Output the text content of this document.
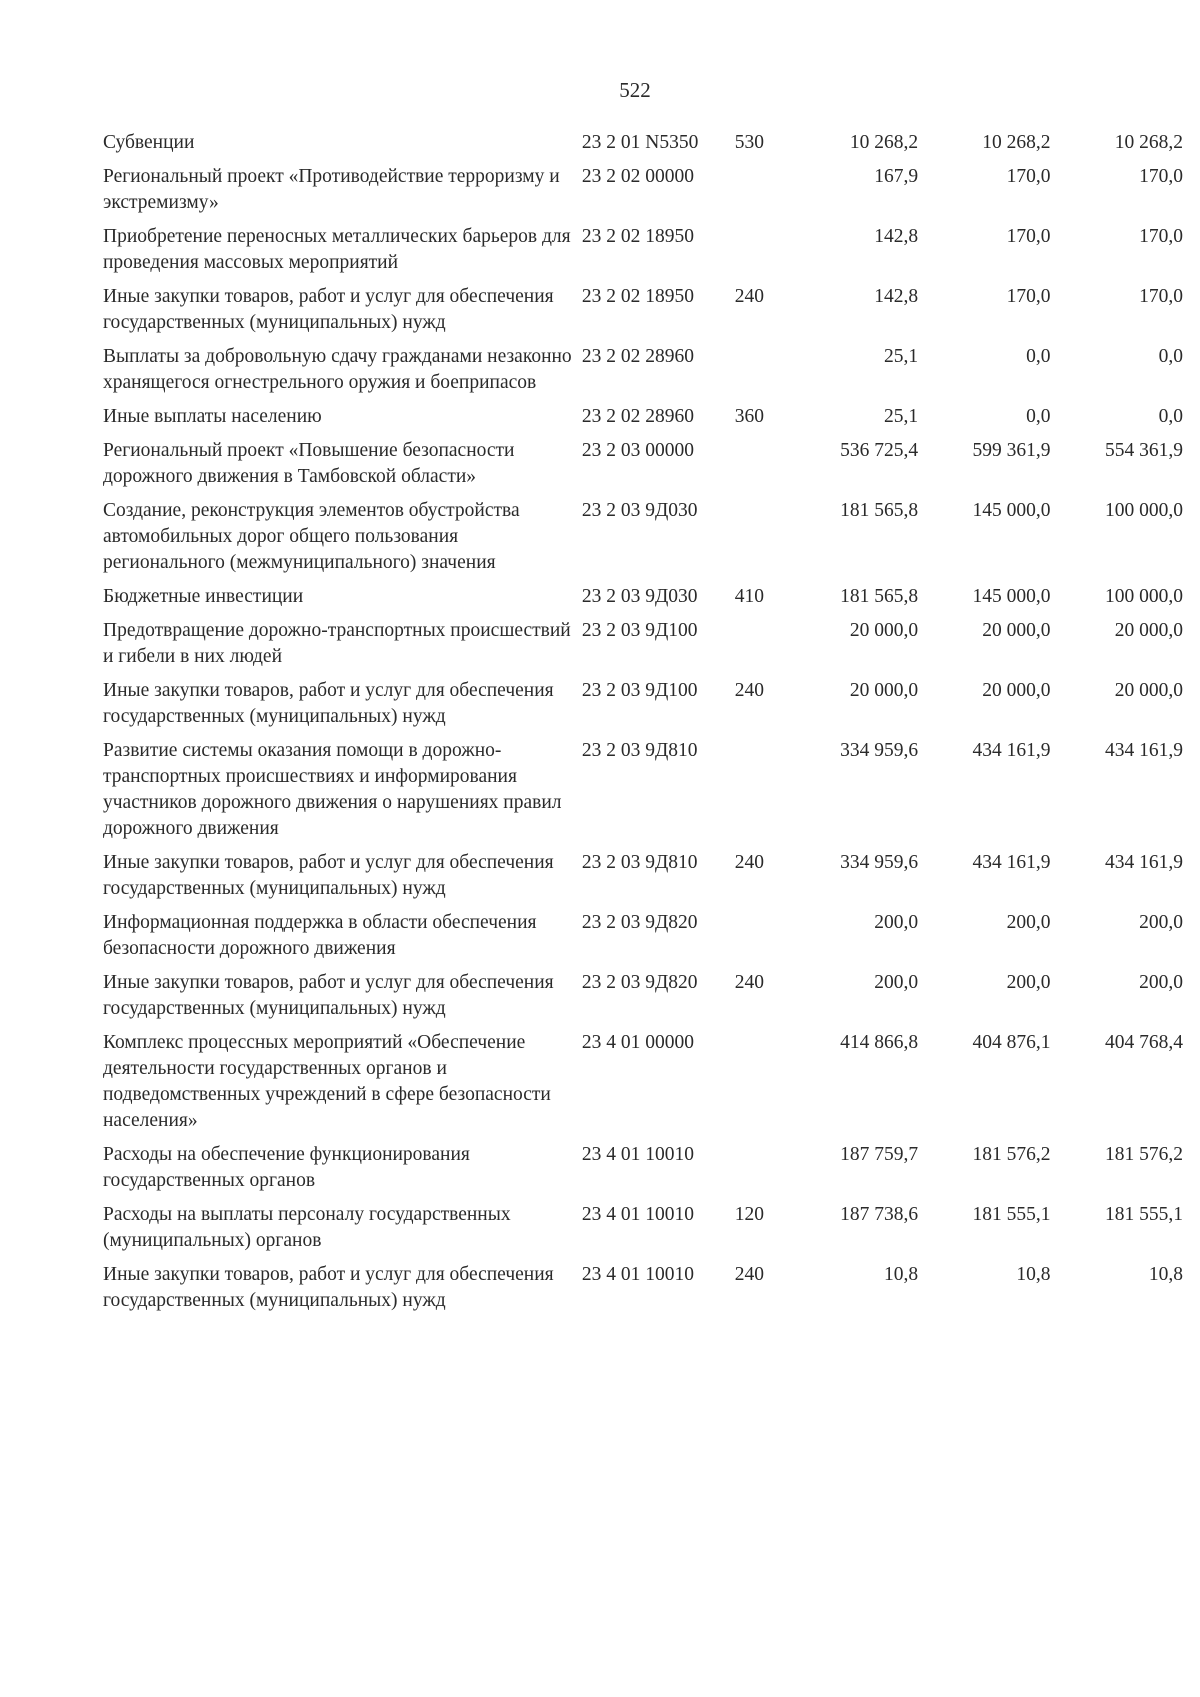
522
Субвенции	23 2 01 N5350	530	10 268,2	10 268,2	10 268,2
Региональный проект «Противодействие терроризму и экстремизму»	23 2 02 00000		167,9	170,0	170,0
Приобретение переносных металлических барьеров для проведения массовых мероприятий	23 2 02 18950		142,8	170,0	170,0
Иные закупки товаров, работ и услуг для обеспечения государственных (муниципальных) нужд	23 2 02 18950	240	142,8	170,0	170,0
Выплаты за добровольную сдачу гражданами незаконно хранящегося огнестрельного оружия и боеприпасов	23 2 02 28960		25,1	0,0	0,0
Иные выплаты населению	23 2 02 28960	360	25,1	0,0	0,0
Региональный проект «Повышение безопасности дорожного движения в Тамбовской области»	23 2 03 00000		536 725,4	599 361,9	554 361,9
Создание, реконструкция элементов обустройства автомобильных дорог общего пользования регионального (межмуниципального) значения	23 2 03 9Д030		181 565,8	145 000,0	100 000,0
Бюджетные инвестиции	23 2 03 9Д030	410	181 565,8	145 000,0	100 000,0
Предотвращение дорожно-транспортных происшествий и гибели в них людей	23 2 03 9Д100		20 000,0	20 000,0	20 000,0
Иные закупки товаров, работ и услуг для обеспечения государственных (муниципальных) нужд	23 2 03 9Д100	240	20 000,0	20 000,0	20 000,0
Развитие системы оказания помощи в дорожно-транспортных происшествиях и информирования участников дорожного движения о нарушениях правил дорожного движения	23 2 03 9Д810		334 959,6	434 161,9	434 161,9
Иные закупки товаров, работ и услуг для обеспечения государственных (муниципальных) нужд	23 2 03 9Д810	240	334 959,6	434 161,9	434 161,9
Информационная поддержка в области обеспечения безопасности дорожного движения	23 2 03 9Д820		200,0	200,0	200,0
Иные закупки товаров, работ и услуг для обеспечения государственных (муниципальных) нужд	23 2 03 9Д820	240	200,0	200,0	200,0
Комплекс процессных мероприятий «Обеспечение деятельности государственных органов и подведомственных учреждений в сфере безопасности населения»	23 4 01 00000		414 866,8	404 876,1	404 768,4
Расходы на обеспечение функционирования государственных органов	23 4 01 10010		187 759,7	181 576,2	181 576,2
Расходы на выплаты персоналу государственных (муниципальных) органов	23 4 01 10010	120	187 738,6	181 555,1	181 555,1
Иные закупки товаров, работ и услуг для обеспечения государственных (муниципальных) нужд	23 4 01 10010	240	10,8	10,8	10,8
